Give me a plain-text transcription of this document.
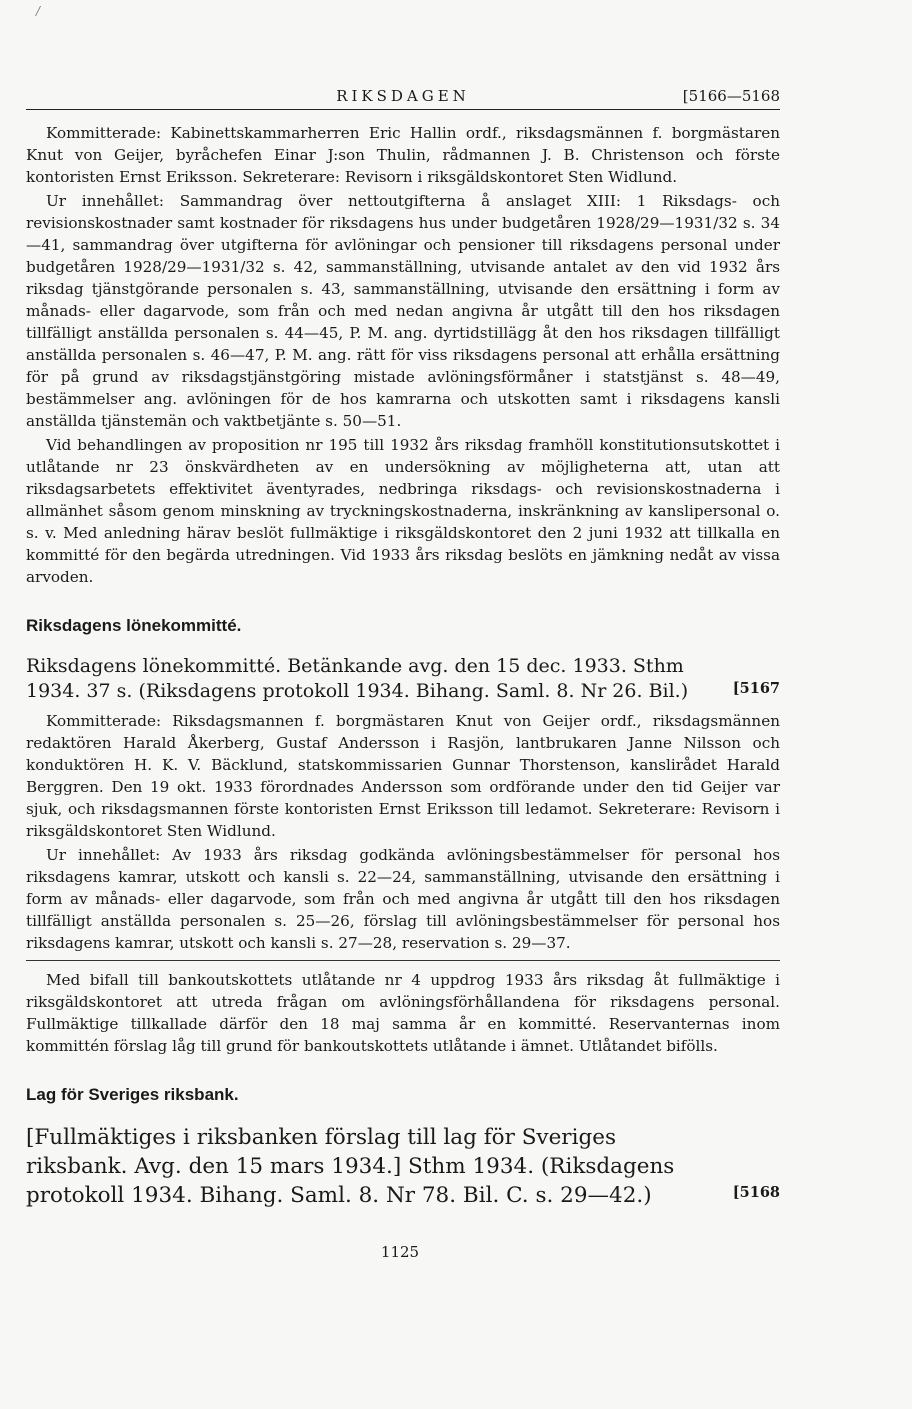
/
RIKSDAGEN	[5166—5168

Kommitterade: Kabinettskammarherren Eric Hallin ordf., riksdagsmännen f. borgmästaren Knut von Geijer, byråchefen Einar J:son Thulin, rådmannen J. B. Christenson och förste kontoristen Ernst Eriksson. Sekreterare: Revisorn i riksgäldskontoret Sten Widlund.

Ur innehållet: Sammandrag över nettoutgifterna å anslaget XIII: 1 Riksdags- och revisionskostnader samt kostnader för riksdagens hus under budgetåren 1928/29—1931/32 s. 34—41, sammandrag över utgifterna för avlöningar och pensioner till riksdagens personal under budgetåren 1928/29—1931/32 s. 42, sammanställning, utvisande antalet av den vid 1932 års riksdag tjänstgörande personalen s. 43, sammanställning, utvisande den ersättning i form av månads- eller dagarvode, som från och med nedan angivna år utgått till den hos riksdagen tillfälligt anställda personalen s. 44—45, P. M. ang. dyrtidstillägg åt den hos riksdagen tillfälligt anställda personalen s. 46—47, P. M. ang. rätt för viss riksdagens personal att erhålla ersättning för på grund av riksdagstjänstgöring mistade avlöningsförmåner i statstjänst s. 48—49, bestämmelser ang. avlöningen för de hos kamrarna och utskotten samt i riksdagens kansli anställda tjänstemän och vaktbetjänte s. 50—51.

Vid behandlingen av proposition nr 195 till 1932 års riksdag framhöll konstitutionsutskottet i utlåtande nr 23 önskvärdheten av en undersökning av möjligheterna att, utan att riksdagsarbetets effektivitet äventyrades, nedbringa riksdags- och revisionskostnaderna i allmänhet såsom genom minskning av tryckningskostnaderna, inskränkning av kanslipersonal o. s. v. Med anledning härav beslöt fullmäktige i riksgäldskontoret den 2 juni 1932 att tillkalla en kommitté för den begärda utredningen. Vid 1933 års riksdag beslöts en jämkning nedåt av vissa arvoden.

Riksdagens lönekommitté.
Riksdagens lönekommitté. Betänkande avg. den 15 dec. 1933. Sthm 1934. 37 s. (Riksdagens protokoll 1934. Bihang. Saml. 8. Nr 26. Bil.)	[5167

Kommitterade: Riksdagsmannen f. borgmästaren Knut von Geijer ordf., riksdagsmännen redaktören Harald Åkerberg, Gustaf Andersson i Rasjön, lantbrukaren Janne Nilsson och konduktören H. K. V. Bäcklund, statskommissarien Gunnar Thorstenson, kanslirådet Harald Berggren. Den 19 okt. 1933 förordnades Andersson som ordförande under den tid Geijer var sjuk, och riksdagsmannen förste kontoristen Ernst Eriksson till ledamot. Sekreterare: Revisorn i riksgäldskontoret Sten Widlund.

Ur innehållet: Av 1933 års riksdag godkända avlöningsbestämmelser för personal hos riksdagens kamrar, utskott och kansli s. 22—24, sammanställning, utvisande den ersättning i form av månads- eller dagarvode, som från och med angivna år utgått till den hos riksdagen tillfälligt anställda personalen s. 25—26, förslag till avlöningsbestämmelser för personal hos riksdagens kamrar, utskott och kansli s. 27—28, reservation s. 29—37.

Med bifall till bankoutskottets utlåtande nr 4 uppdrog 1933 års riksdag åt fullmäktige i riksgäldskontoret att utreda frågan om avlöningsförhållandena för riksdagens personal. Fullmäktige tillkallade därför den 18 maj samma år en kommitté. Reservanternas inom kommittén förslag låg till grund för bankoutskottets utlåtande i ämnet. Utlåtandet bifölls.

Lag för Sveriges riksbank.
[Fullmäktiges i riksbanken förslag till lag för Sveriges riksbank. Avg. den 15 mars 1934.] Sthm 1934. (Riksdagens protokoll 1934. Bihang. Saml. 8. Nr 78. Bil. C. s. 29—42.)	[5168
1125
